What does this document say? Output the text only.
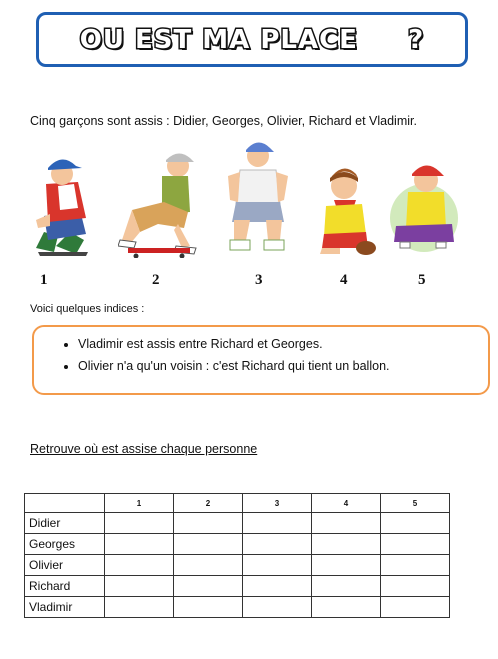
OU EST MA PLACE     ?
Cinq garçons sont assis : Didier, Georges, Olivier, Richard et Vladimir.
1	2	3	4	5
Voici quelques indices :
• Vladimir est assis entre Richard et Georges.
• Olivier n'a qu'un voisin : c'est Richard qui tient un ballon.
Retrouve où est assise chaque personne
	1	2	3	4	5
Didier					
Georges					
Olivier					
Richard					
Vladimir					
